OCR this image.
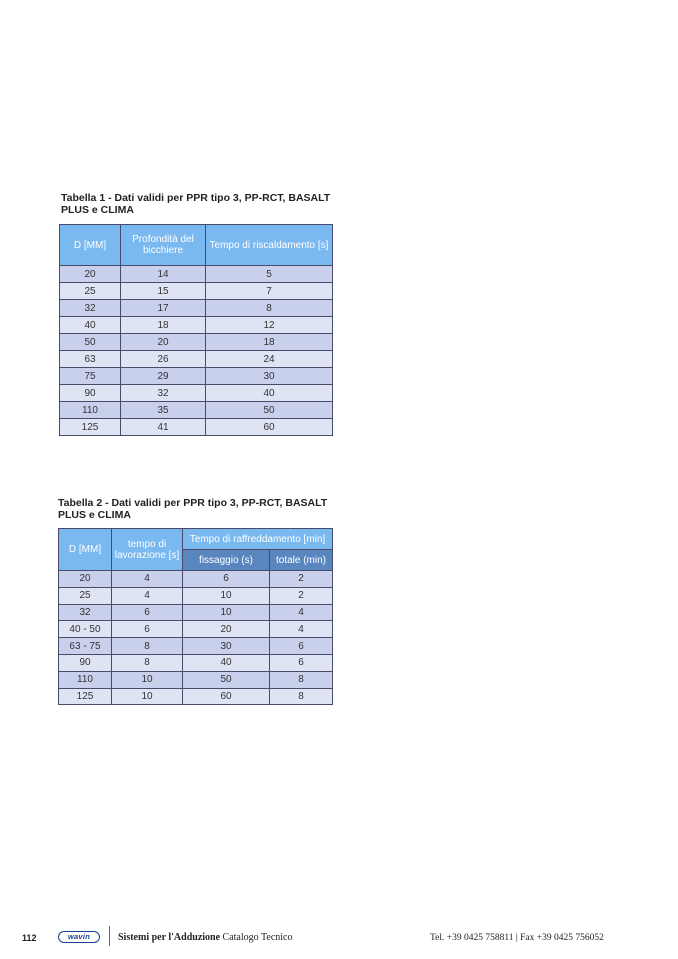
Tabella 1 - Dati validi per PPR tipo 3, PP-RCT, BASALT PLUS e CLIMA
D [MM]	Profondità del bicchiere	Tempo di riscaldamento [s]
20	14	5
25	15	7
32	17	8
40	18	12
50	20	18
63	26	24
75	29	30
90	32	40
110	35	50
125	41	60
Tabella 2 - Dati validi per PPR tipo 3, PP-RCT, BASALT PLUS e CLIMA
D [MM]	tempo di lavorazione [s]	Tempo di raffreddamento [min]	
		fissaggio (s)	totale (min)
20	4	6	2
25	4	10	2
32	6	10	4
40 - 50	6	20	4
63 - 75	8	30	6
90	8	40	6
110	10	50	8
125	10	60	8
112	wavin	Sistemi per l'Adduzione Catalogo Tecnico	Tel. +39 0425 758811 | Fax +39 0425 756052
